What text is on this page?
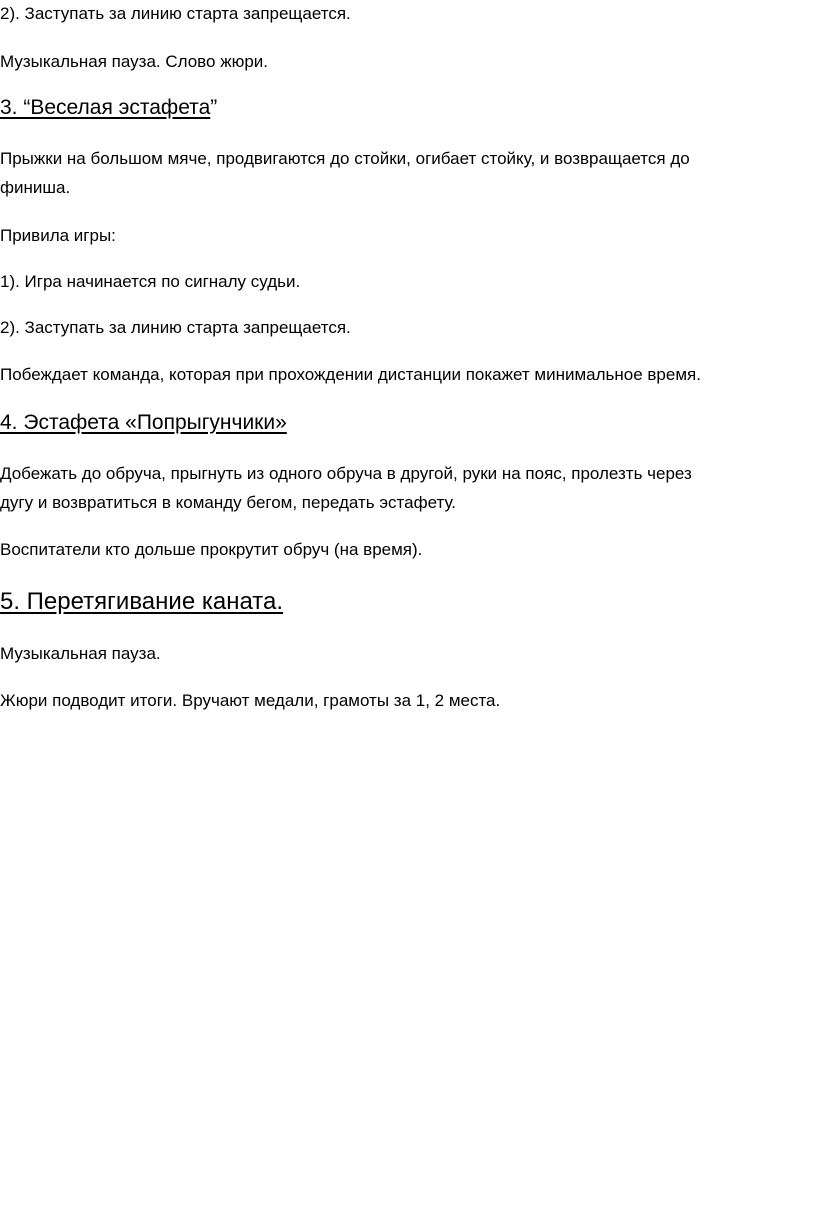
2). Заступать за линию старта запрещается.

Музыкальная пауза. Слово жюри.

3. “Веселая эстафета”

Прыжки на большом мяче, продвигаются до стойки, огибает стойку, и возвращается до

финиша.

Привила игры:

1). Игра начинается по сигналу судьи.

2). Заступать за линию старта запрещается.

Побеждает команда, которая при прохождении дистанции покажет минимальное время.

4. Эстафета «Попрыгунчики»

Добежать до обруча, прыгнуть из одного обруча в другой, руки на пояс, пролезть через

дугу и возвратиться в команду бегом, передать эстафету.

Воспитатели кто дольше прокрутит обруч (на время).

5. Перетягивание каната.

Музыкальная пауза.

Жюри подводит итоги. Вручают медали, грамоты за 1, 2 места.
